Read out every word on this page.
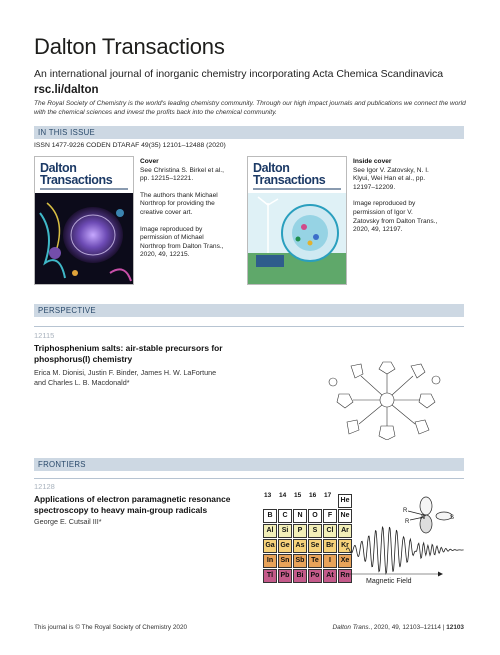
Dalton Transactions
An international journal of inorganic chemistry incorporating Acta Chemica Scandinavica
rsc.li/dalton
The Royal Society of Chemistry is the world's leading chemistry community. Through our high impact journals and publications we connect the world with the chemical sciences and invest the profits back into the chemical community.
IN THIS ISSUE
ISSN 1477-9226 CODEN DTARAF 49(35) 12101–12488 (2020)
Dalton
Transactions
Cover

See Christina S. Birkel et al., pp. 12215–12221.

The authors thank Michael Northrop for providing the creative cover art.

Image reproduced by permission of Michael Northrop from Dalton Trans., 2020, 49, 12215.

Dalton
Transactions
Inside cover

See Igor V. Zatovsky, N. I. Klyui, Wei Han et al., pp. 12197–12209.

Image reproduced by permission of Igor V. Zatovsky from Dalton Trans., 2020, 49, 12197.

PERSPECTIVE
12115
Triphosphenium salts: air-stable precursors for phosphorus(I) chemistry
Erica M. Dionisi, Justin F. Binder, James H. W. LaFortune and Charles L. B. Macdonald*
FRONTIERS
12128
Applications of electron paramagnetic resonance spectroscopy to heavy main-group radicals
George E. Cutsail III*
13 14 15 16 17
He
B	C	N	O	F	Ne
Al	Si	P	S	Cl	Ar
Ga Ge As Se Br	Kr
In	Sn Sb Te	I	Xe
Tl	Pb	Bi	Po At Rn
R
R
Ar	S
Magnetic Field
This journal is © The Royal Society of Chemistry 2020	Dalton Trans., 2020, 49, 12103–12114 | 12103
